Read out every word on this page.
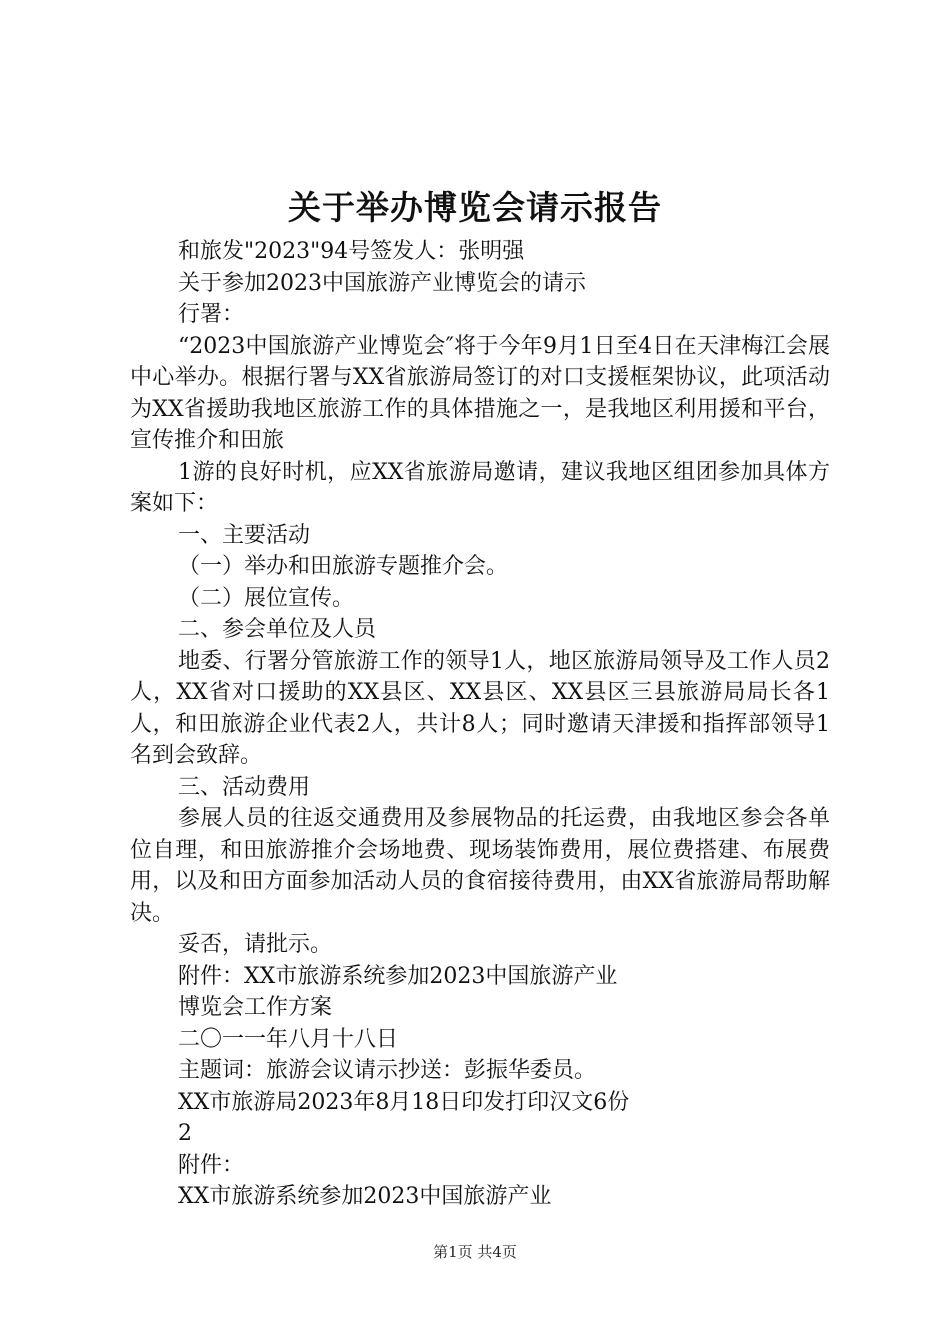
关于举办博览会请示报告
和旅发"2023"94号签发人：张明强
关于参加2023中国旅游产业博览会的请示
行署：
“2023中国旅游产业博览会″将于今年9月1日至4日在天津梅江会展中心举办。根据行署与XX省旅游局签订的对口支援框架协议，此项活动为XX省援助我地区旅游工作的具体措施之一，是我地区利用援和平台，宣传推介和田旅
1游的良好时机，应XX省旅游局邀请，建议我地区组团参加具体方案如下：
一、主要活动
（一）举办和田旅游专题推介会。
（二）展位宣传。
二、参会单位及人员
地委、行署分管旅游工作的领导1人，地区旅游局领导及工作人员2人，XX省对口援助的XX县区、XX县区、XX县区三县旅游局局长各1人，和田旅游企业代表2人，共计8人；同时邀请天津援和指挥部领导1名到会致辞。
三、活动费用
参展人员的往返交通费用及参展物品的托运费，由我地区参会各单位自理，和田旅游推介会场地费、现场装饰费用，展位费搭建、布展费用，以及和田方面参加活动人员的食宿接待费用，由XX省旅游局帮助解决。
妥否，请批示。
附件：XX市旅游系统参加2023中国旅游产业
博览会工作方案
二〇一一年八月十八日
主题词：旅游会议请示抄送：彭振华委员。
XX市旅游局2023年8月18日印发打印汉文6份
2
附件：
XX市旅游系统参加2023中国旅游产业
第1页 共4页
